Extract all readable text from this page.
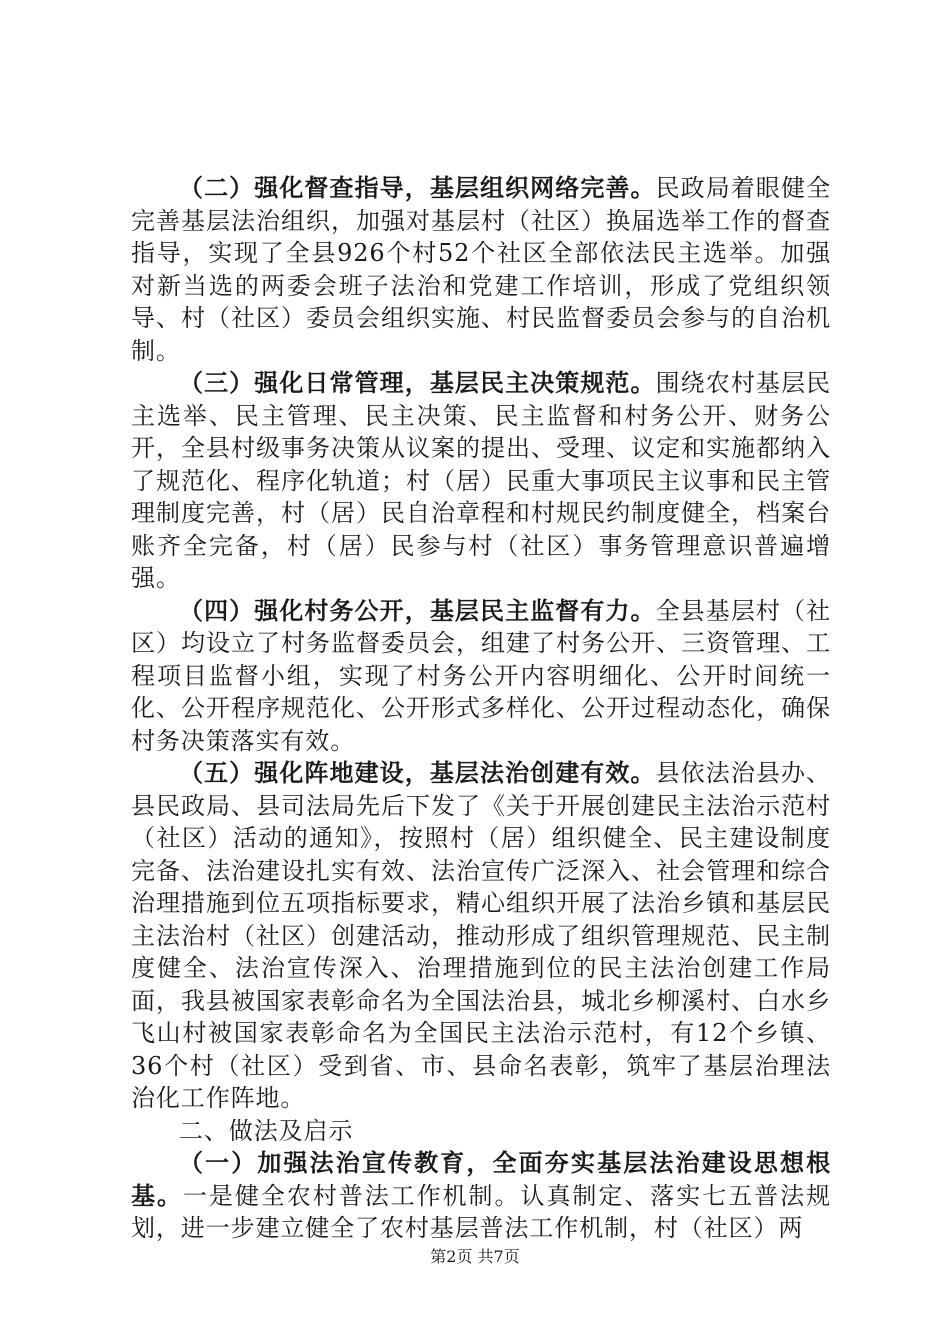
（二）强化督查指导，基层组织网络完善。民政局着眼健全完善基层法治组织，加强对基层村（社区）换届选举工作的督查指导，实现了全县926个村52个社区全部依法民主选举。加强对新当选的两委会班子法治和党建工作培训，形成了党组织领导、村（社区）委员会组织实施、村民监督委员会参与的自治机制。

（三）强化日常管理，基层民主决策规范。围绕农村基层民主选举、民主管理、民主决策、民主监督和村务公开、财务公开，全县村级事务决策从议案的提出、受理、议定和实施都纳入了规范化、程序化轨道；村（居）民重大事项民主议事和民主管理制度完善，村（居）民自治章程和村规民约制度健全，档案台账齐全完备，村（居）民参与村（社区）事务管理意识普遍增强。

（四）强化村务公开，基层民主监督有力。全县基层村（社区）均设立了村务监督委员会，组建了村务公开、三资管理、工程项目监督小组，实现了村务公开内容明细化、公开时间统一化、公开程序规范化、公开形式多样化、公开过程动态化，确保村务决策落实有效。

（五）强化阵地建设，基层法治创建有效。县依法治县办、县民政局、县司法局先后下发了《关于开展创建民主法治示范村（社区）活动的通知》，按照村（居）组织健全、民主建设制度完备、法治建设扎实有效、法治宣传广泛深入、社会管理和综合治理措施到位五项指标要求，精心组织开展了法治乡镇和基层民主法治村（社区）创建活动，推动形成了组织管理规范、民主制度健全、法治宣传深入、治理措施到位的民主法治创建工作局面，我县被国家表彰命名为全国法治县，城北乡柳溪村、白水乡飞山村被国家表彰命名为全国民主法治示范村，有12个乡镇、36个村（社区）受到省、市、县命名表彰，筑牢了基层治理法治化工作阵地。

二、做法及启示

（一）加强法治宣传教育，全面夯实基层法治建设思想根基。一是健全农村普法工作机制。认真制定、落实七五普法规划，进一步建立健全了农村基层普法工作机制，村（社区）两

第2页 共7页
